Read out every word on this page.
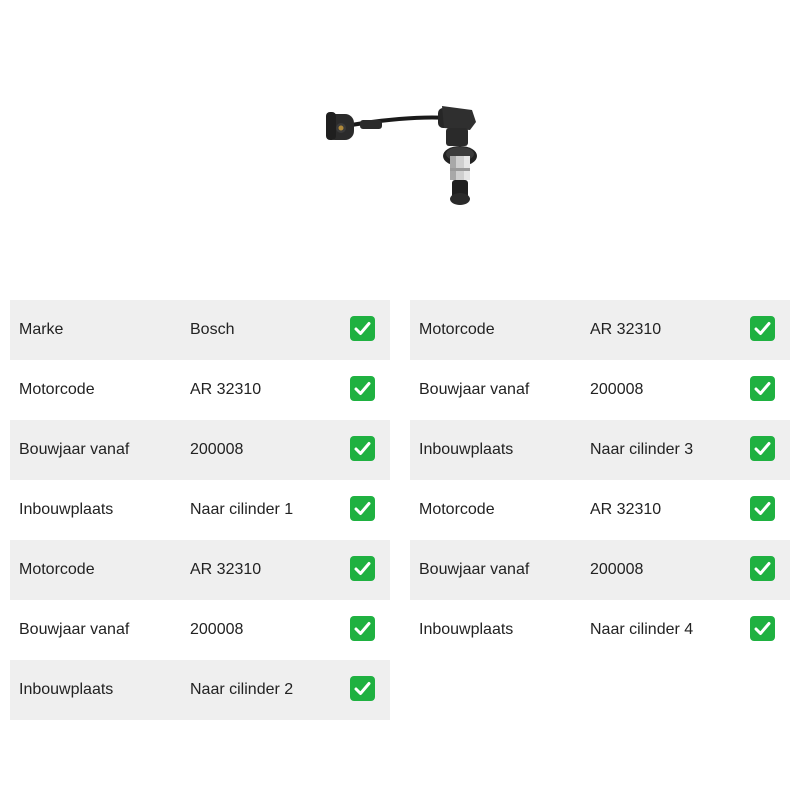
Marke	Bosch
Motorcode	AR 32310
Bouwjaar vanaf	200008
Inbouwplaats	Naar cilinder 1
Motorcode	AR 32310
Bouwjaar vanaf	200008
Inbouwplaats	Naar cilinder 2
Motorcode	AR 32310
Bouwjaar vanaf	200008
Inbouwplaats	Naar cilinder 3
Motorcode	AR 32310
Bouwjaar vanaf	200008
Inbouwplaats	Naar cilinder 4
